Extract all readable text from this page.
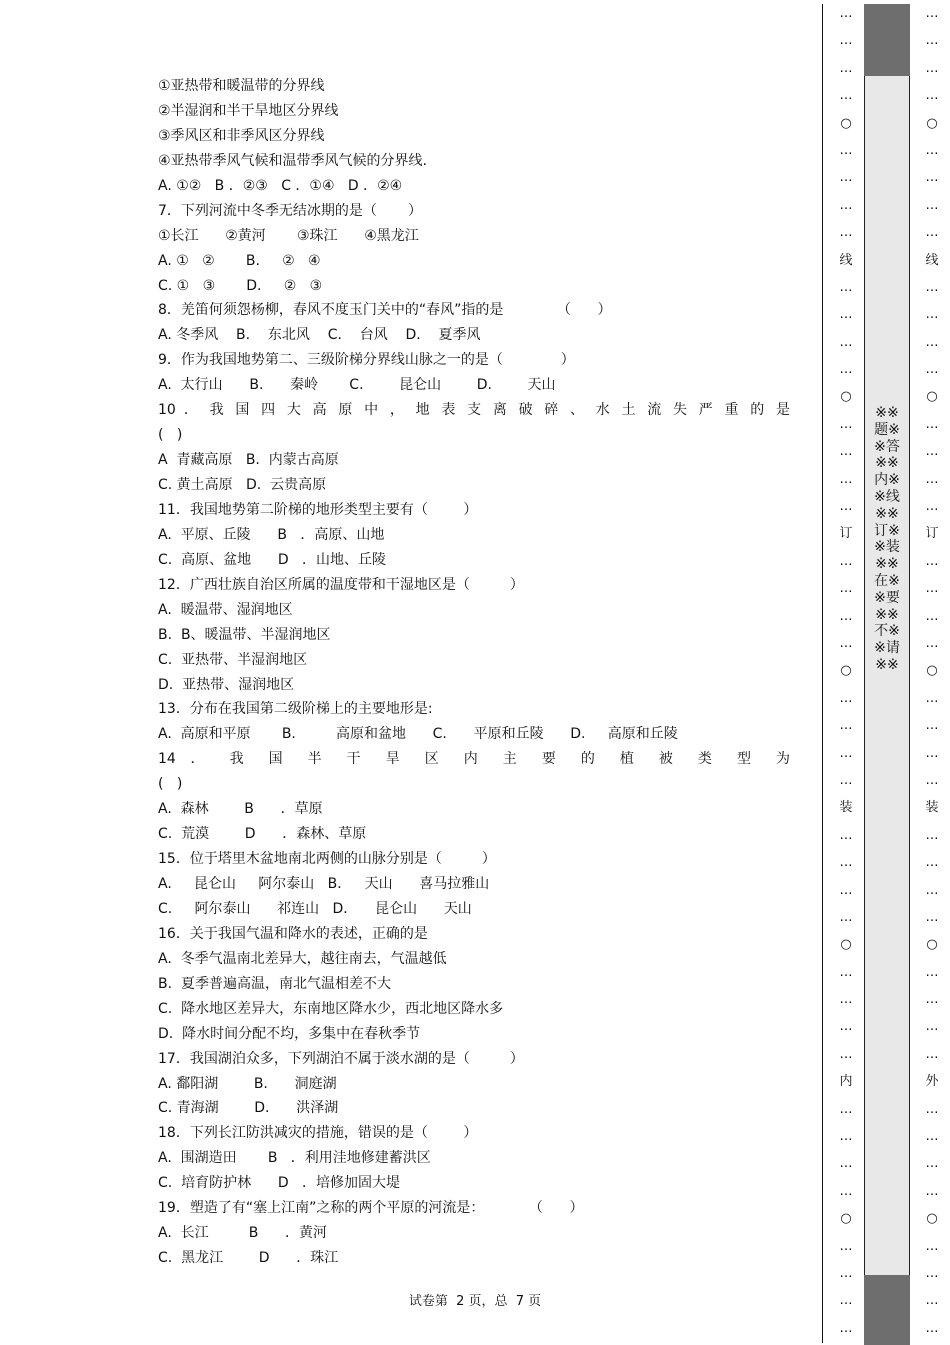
①亚热带和暖温带的分界线
②半湿润和半干旱地区分界线
③季风区和非季风区分界线
④亚热带季风气候和温带季风气候的分界线.
A. ①②   B ．②③   C ．①④   D ．②④
7．下列河流中冬季无结冰期的是（       ）
①长江      ②黄河       ③珠江      ④黑龙江
A. ①   ②       B.     ②   ④
C. ①   ③       D.     ②   ③
8．羌笛何须怨杨柳，春风不度玉门关中的“春风”指的是            （      ）
A. 冬季风    B.    东北风    C.    台风    D.    夏季风
9．作为我国地势第二、三级阶梯分界线山脉之一的是（             ）
A.  太行山      B.      秦岭       C.        昆仑山        D.        天山
10 ． 我 国 四 大 高 原 中 ， 地 表 支 离 破 碎 、 水 土 流 失 严 重 的 是
(   )
A  青藏高原   B.  内蒙古高原
C. 黄土高原   D.  云贵高原
11．我国地势第二阶梯的地形类型主要有（        ）
A.  平原、丘陵      B   ．高原、山地
C.  高原、盆地      D   ．山地、丘陵
12．广西壮族自治区所属的温度带和干湿地区是（         ）
A.  暖温带、湿润地区
B.  B、暖温带、半湿润地区
C.  亚热带、半湿润地区
D.  亚热带、湿润地区
13．分布在我国第二级阶梯上的主要地形是:
A.  高原和平原       B.         高原和盆地      C.      平原和丘陵      D.     高原和丘陵
14 ． 我 国 半 干 旱 区 内 主 要 的 植 被 类 型 为
(   )
A.  森林        B      ．草原
C.  荒漠        D      ．森林、草原
15．位于塔里木盆地南北两侧的山脉分别是（         ）
A.     昆仑山     阿尔泰山   B．   天山      喜马拉雅山
C.     阿尔泰山      祁连山   D．    昆仑山      天山
16．关于我国气温和降水的表述，正确的是
A.  冬季气温南北差异大，越往南去，气温越低
B.  夏季普遍高温，南北气温相差不大
C.  降水地区差异大，东南地区降水少，西北地区降水多
D.  降水时间分配不均，多集中在春秋季节
17．我国湖泊众多，下列湖泊不属于淡水湖的是（         ）
A. 鄱阳湖        B.      洞庭湖
C. 青海湖        D.      洪泽湖
18．下列长江防洪减灾的措施，错误的是（        ）
A.  围湖造田       B   ．利用洼地修建蓄洪区
C.  培育防护林      D   ．培修加固大堤
19．塑造了有“塞上江南”之称的两个平原的河流是：          （      ）
A.  长江         B      ．黄河
C.  黑龙江        D      ．珠江
试卷第  2 页，总  7 页
…
…
…
…
○
…
…
…
…
线
…
…
…
…
○
…
…
…
…
订
…
…
…
…
○
…
…
…
…
装
…
…
…
…
○
…
…
…
…
内
…
…
…
…
○
…
…
…
…
※※题※※答※※内※※线※※订※※装※※在※※要※※不※※请※※
…
…
…
…
○
…
…
…
…
线
…
…
…
…
○
…
…
…
…
订
…
…
…
…
○
…
…
…
…
装
…
…
…
…
○
…
…
…
…
外
…
…
…
…
○
…
…
…
…
